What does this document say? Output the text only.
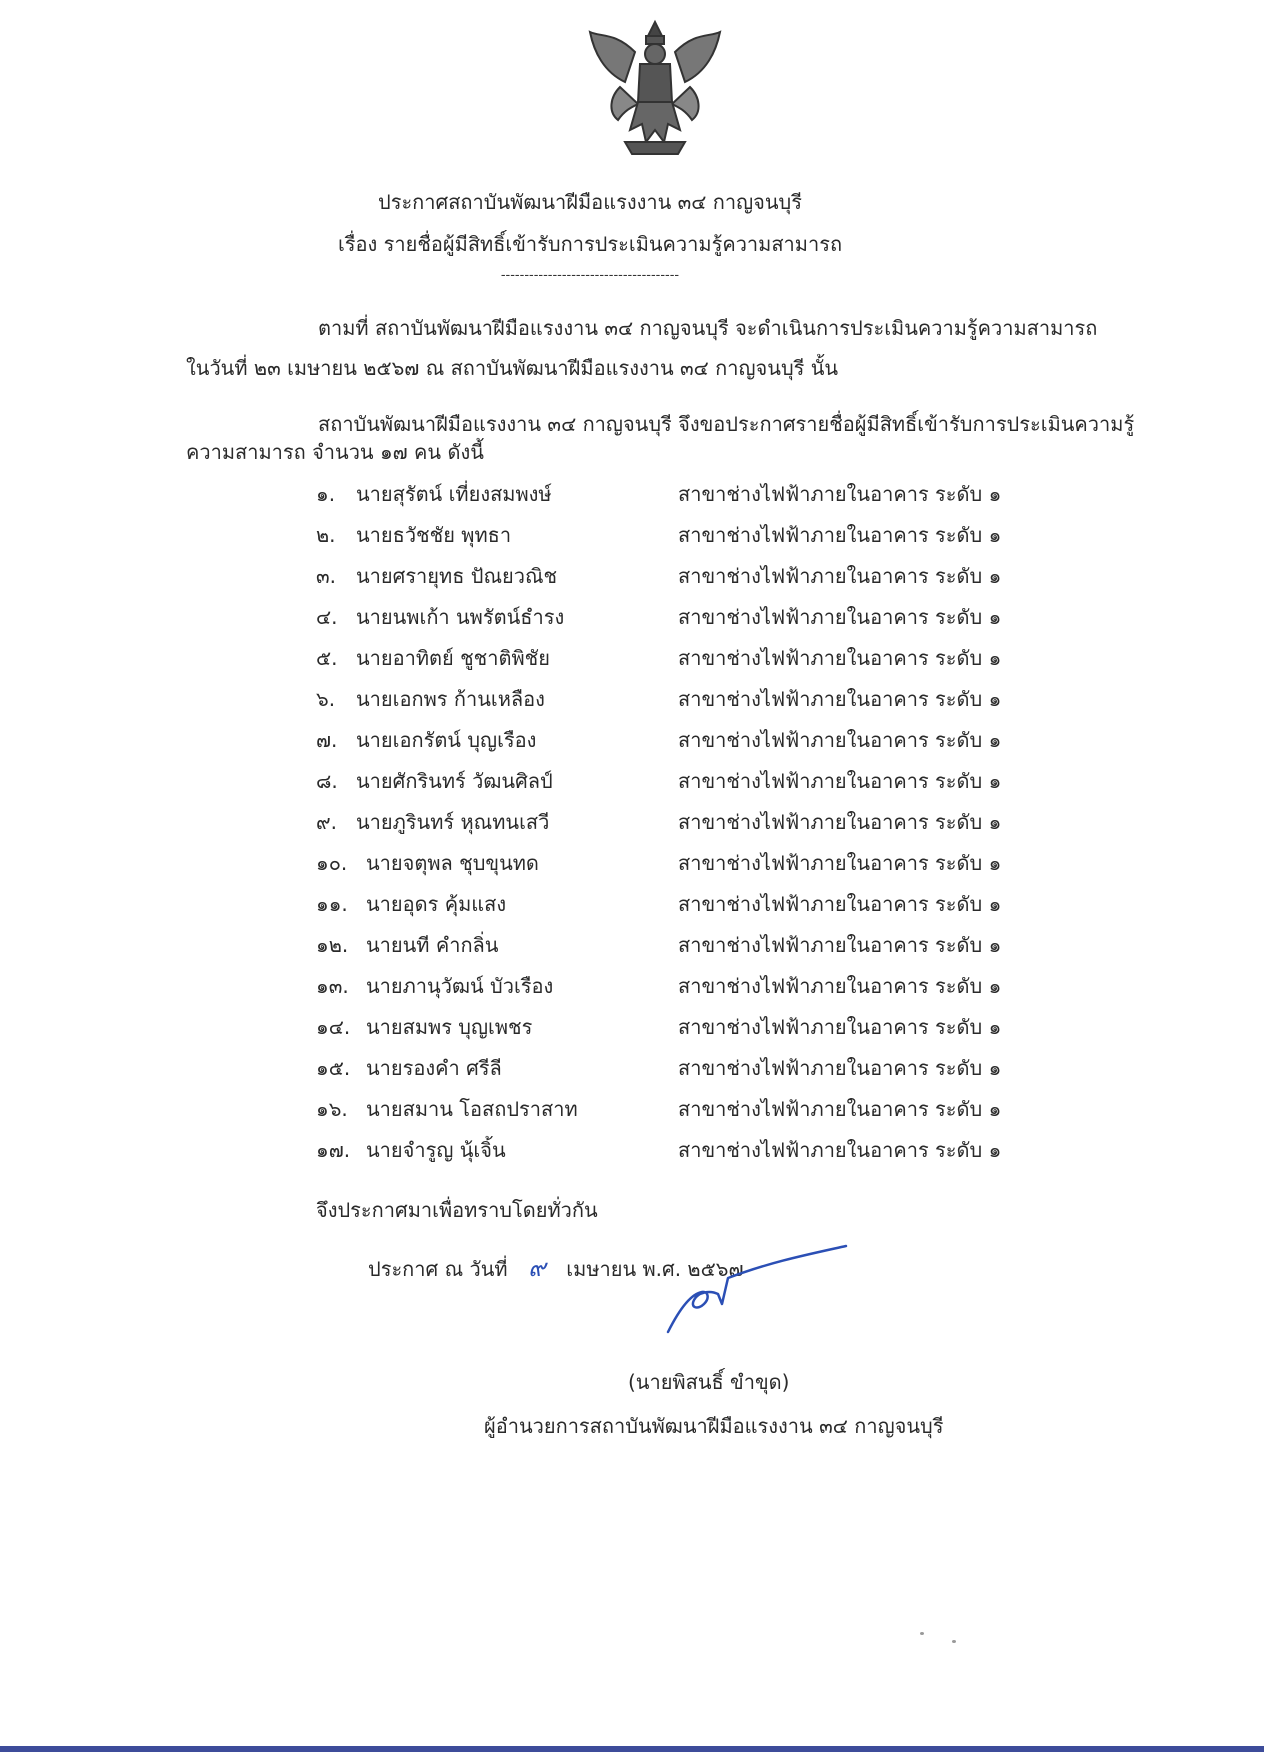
ประกาศสถาบันพัฒนาฝีมือแรงงาน ๓๔ กาญจนบุรี
เรื่อง รายชื่อผู้มีสิทธิ์เข้ารับการประเมินความรู้ความสามารถ
--------------------------------------
ตามที่ สถาบันพัฒนาฝีมือแรงงาน ๓๔ กาญจนบุรี จะดำเนินการประเมินความรู้ความสามารถ
ในวันที่ ๒๓ เมษายน ๒๕๖๗ ณ สถาบันพัฒนาฝีมือแรงงาน ๓๔ กาญจนบุรี นั้น
สถาบันพัฒนาฝีมือแรงงาน ๓๔ กาญจนบุรี จึงขอประกาศรายชื่อผู้มีสิทธิ์เข้ารับการประเมินความรู้
ความสามารถ จำนวน ๑๗ คน ดังนี้
๑. นายสุรัตน์ เที่ยงสมพงษ์	สาขาช่างไฟฟ้าภายในอาคาร ระดับ ๑
๒. นายธวัชชัย พุทธา	สาขาช่างไฟฟ้าภายในอาคาร ระดับ ๑
๓. นายศรายุทธ ปัณยวณิช	สาขาช่างไฟฟ้าภายในอาคาร ระดับ ๑
๔. นายนพเก้า นพรัตน์ธำรง	สาขาช่างไฟฟ้าภายในอาคาร ระดับ ๑
๕. นายอาทิตย์ ชูชาติพิชัย	สาขาช่างไฟฟ้าภายในอาคาร ระดับ ๑
๖. นายเอกพร ก้านเหลือง	สาขาช่างไฟฟ้าภายในอาคาร ระดับ ๑
๗. นายเอกรัตน์ บุญเรือง	สาขาช่างไฟฟ้าภายในอาคาร ระดับ ๑
๘. นายศักรินทร์ วัฒนศิลป์	สาขาช่างไฟฟ้าภายในอาคาร ระดับ ๑
๙. นายภูรินทร์ หุณทนเสวี	สาขาช่างไฟฟ้าภายในอาคาร ระดับ ๑
๑๐. นายจตุพล ชุบขุนทด	สาขาช่างไฟฟ้าภายในอาคาร ระดับ ๑
๑๑. นายอุดร คุ้มแสง	สาขาช่างไฟฟ้าภายในอาคาร ระดับ ๑
๑๒. นายนที คำกลิ่น	สาขาช่างไฟฟ้าภายในอาคาร ระดับ ๑
๑๓. นายภานุวัฒน์ บัวเรือง	สาขาช่างไฟฟ้าภายในอาคาร ระดับ ๑
๑๔. นายสมพร บุญเพชร	สาขาช่างไฟฟ้าภายในอาคาร ระดับ ๑
๑๕. นายรองคำ ศรีลี	สาขาช่างไฟฟ้าภายในอาคาร ระดับ ๑
๑๖. นายสมาน โอสถปราสาท	สาขาช่างไฟฟ้าภายในอาคาร ระดับ ๑
๑๗. นายจำรูญ นุ้เจิ้น	สาขาช่างไฟฟ้าภายในอาคาร ระดับ ๑
จึงประกาศมาเพื่อทราบโดยทั่วกัน
ประกาศ ณ วันที่ ๙ เมษายน พ.ศ. ๒๕๖๗
(นายพิสนธิ์ ขำขุด)
ผู้อำนวยการสถาบันพัฒนาฝีมือแรงงาน ๓๔ กาญจนบุรี
